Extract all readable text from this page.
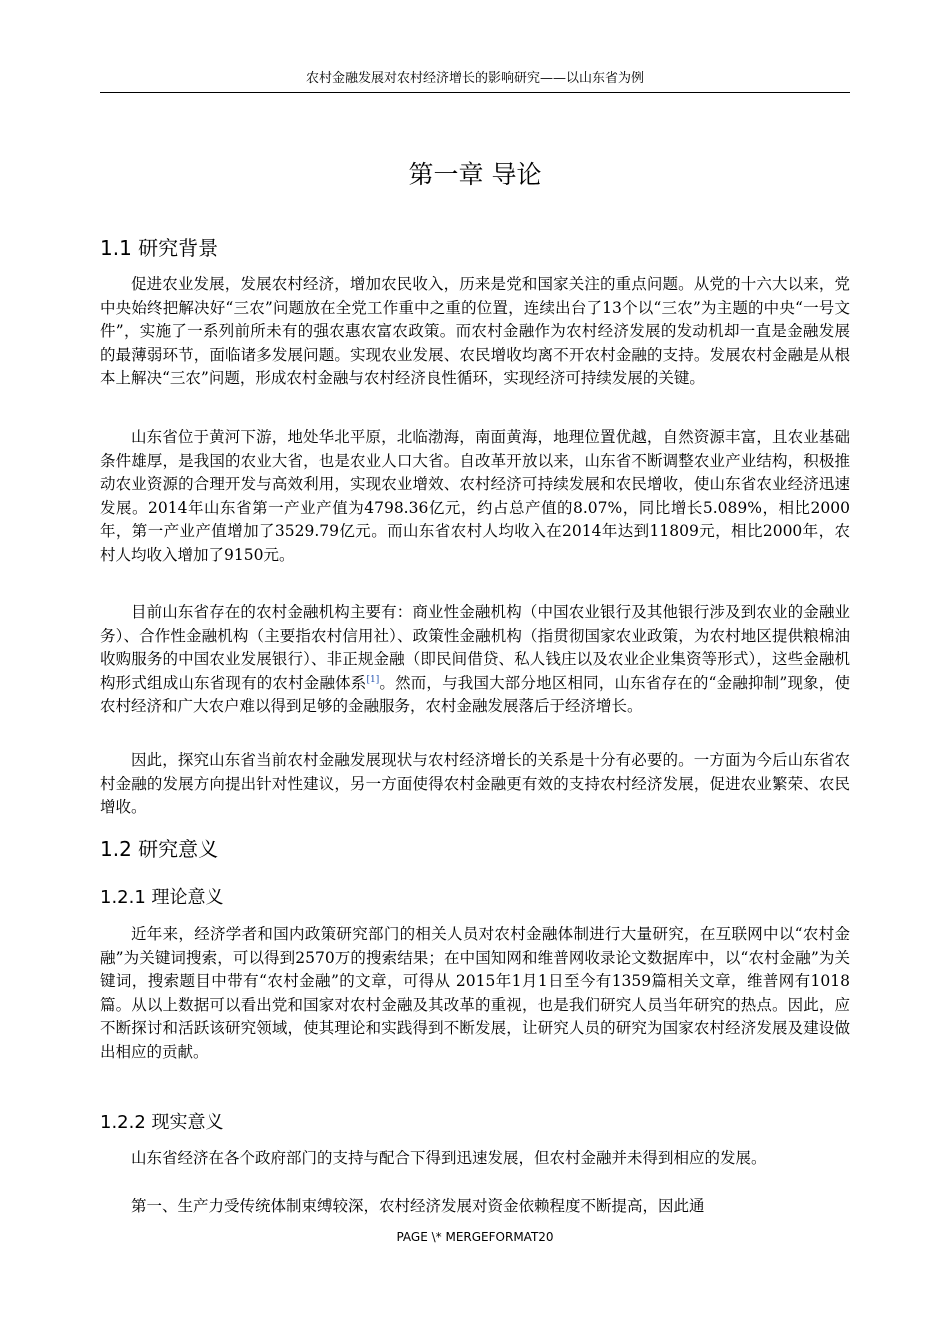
农村金融发展对农村经济增长的影响研究——以山东省为例
第一章 导论
1.1 研究背景
促进农业发展，发展农村经济，增加农民收入，历来是党和国家关注的重点问题。从党的十六大以来，党中央始终把解决好“三农”问题放在全党工作重中之重的位置，连续出台了13个以“三农”为主题的中央“一号文件”，实施了一系列前所未有的强农惠农富农政策。而农村金融作为农村经济发展的发动机却一直是金融发展的最薄弱环节，面临诸多发展问题。实现农业发展、农民增收均离不开农村金融的支持。发展农村金融是从根本上解决“三农”问题，形成农村金融与农村经济良性循环，实现经济可持续发展的关键。
山东省位于黄河下游，地处华北平原，北临渤海，南面黄海，地理位置优越，自然资源丰富，且农业基础条件雄厚，是我国的农业大省，也是农业人口大省。自改革开放以来，山东省不断调整农业产业结构，积极推动农业资源的合理开发与高效利用，实现农业增效、农村经济可持续发展和农民增收，使山东省农业经济迅速发展。2014年山东省第一产业产值为4798.36亿元，约占总产值的8.07%，同比增长5.089%，相比2000年，第一产业产值增加了3529.79亿元。而山东省农村人均收入在2014年达到11809元，相比2000年，农村人均收入增加了9150元。
目前山东省存在的农村金融机构主要有：商业性金融机构（中国农业银行及其他银行涉及到农业的金融业务）、合作性金融机构（主要指农村信用社）、政策性金融机构（指贯彻国家农业政策，为农村地区提供粮棉油收购服务的中国农业发展银行）、非正规金融（即民间借贷、私人钱庄以及农业企业集资等形式），这些金融机构形式组成山东省现有的农村金融体系[1]。然而，与我国大部分地区相同，山东省存在的“金融抑制”现象，使农村经济和广大农户难以得到足够的金融服务，农村金融发展落后于经济增长。
因此，探究山东省当前农村金融发展现状与农村经济增长的关系是十分有必要的。一方面为今后山东省农村金融的发展方向提出针对性建议，另一方面使得农村金融更有效的支持农村经济发展，促进农业繁荣、农民增收。
1.2 研究意义
1.2.1 理论意义
近年来，经济学者和国内政策研究部门的相关人员对农村金融体制进行大量研究，在互联网中以“农村金融”为关键词搜索，可以得到2570万的搜索结果；在中国知网和维普网收录论文数据库中，以“农村金融”为关键词，搜索题目中带有“农村金融”的文章，可得从 2015年1月1日至今有1359篇相关文章，维普网有1018篇。从以上数据可以看出党和国家对农村金融及其改革的重视，也是我们研究人员当年研究的热点。因此，应不断探讨和活跃该研究领域，使其理论和实践得到不断发展，让研究人员的研究为国家农村经济发展及建设做出相应的贡献。
1.2.2 现实意义
山东省经济在各个政府部门的支持与配合下得到迅速发展，但农村金融并未得到相应的发展。
第一、生产力受传统体制束缚较深，农村经济发展对资金依赖程度不断提高，因此通
PAGE \* MERGEFORMAT20
